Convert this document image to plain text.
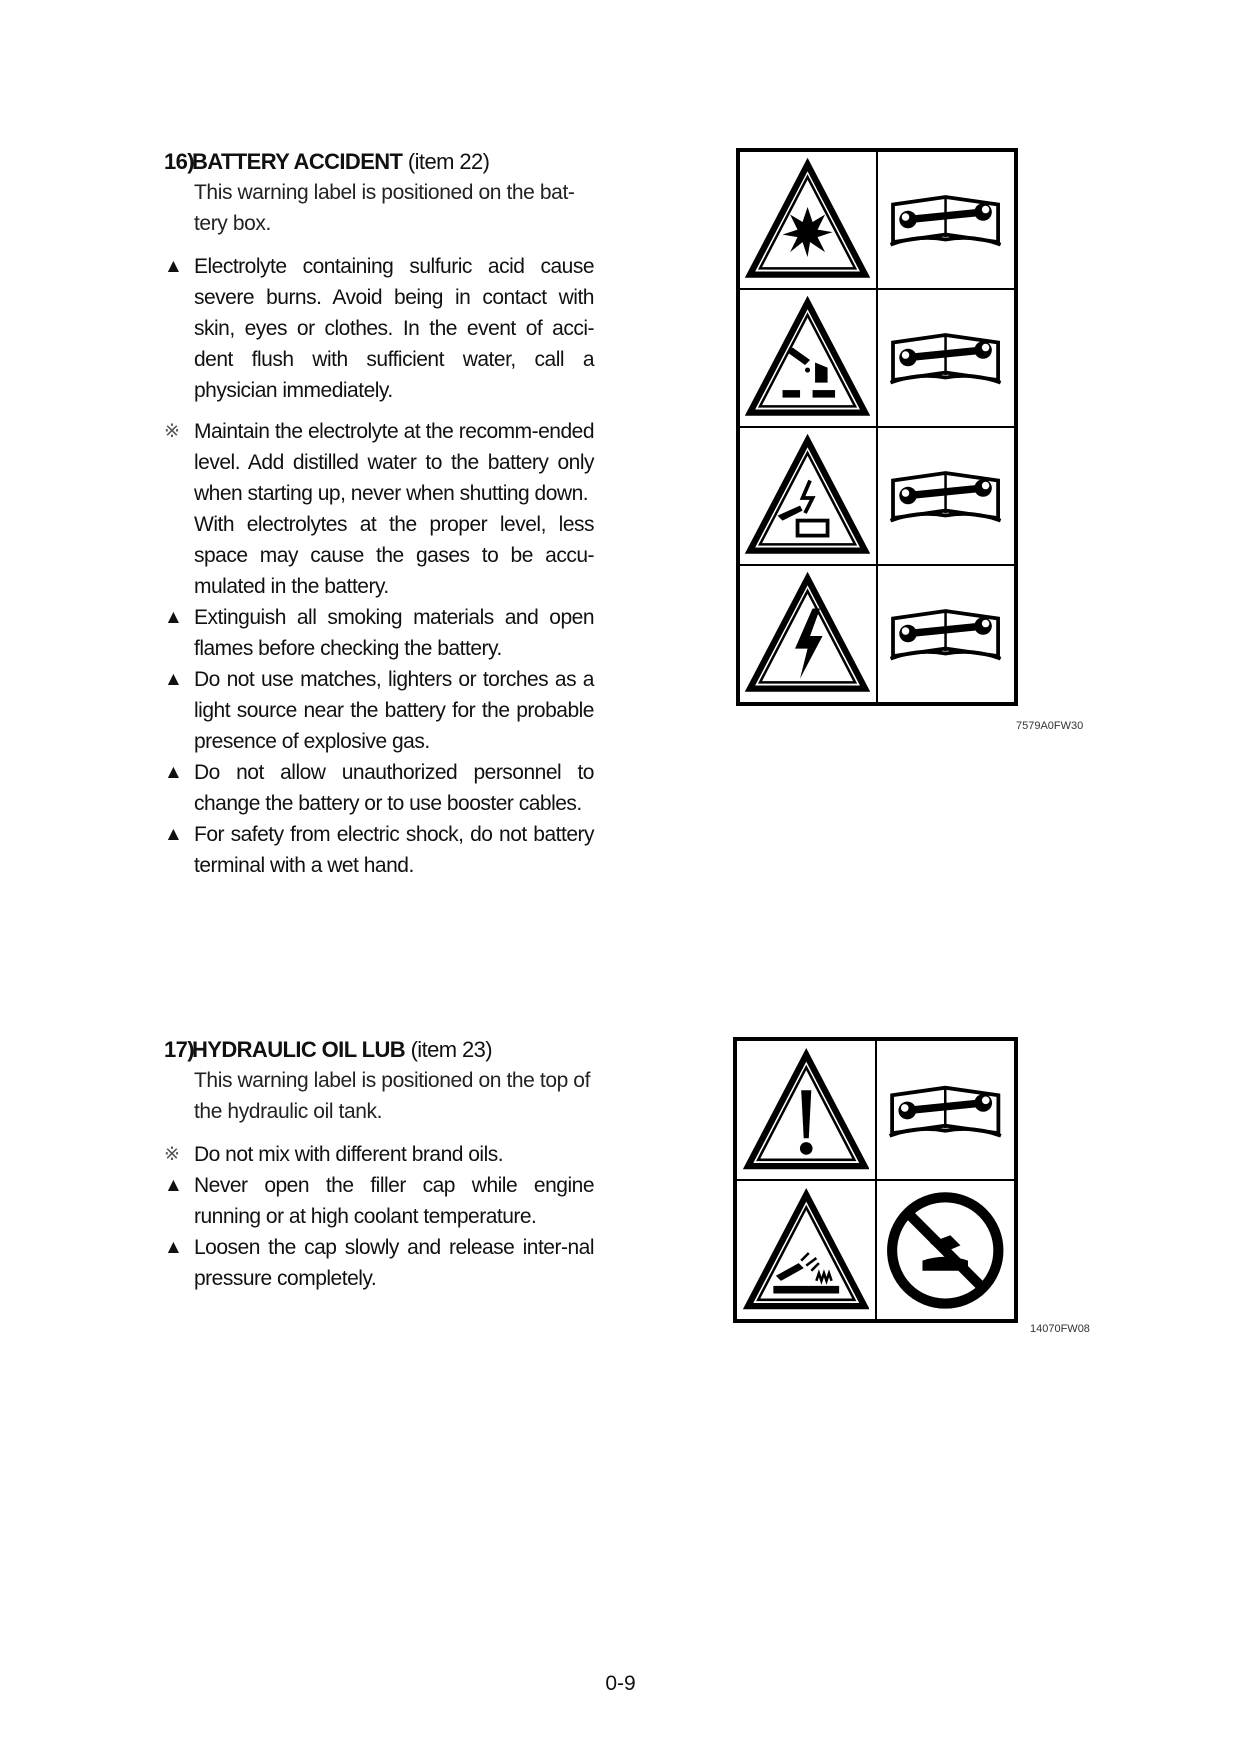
16)BATTERY ACCIDENT (item 22)

This warning label is positioned on the bat-tery box.

▲ Electrolyte containing sulfuric acid cause severe burns. Avoid being in contact with skin, eyes or clothes. In the event of acci-dent flush with sufficient water, call a physician immediately.

※ Maintain the electrolyte at the recomm-ended level. Add distilled water to the battery only when starting up, never when shutting down.
With electrolytes at the proper level, less space may cause the gases to be accu-mulated in the battery.

▲ Extinguish all smoking materials and open flames before checking the battery.

▲ Do not use matches, lighters or torches as a light source near the battery for the probable presence of explosive gas.

▲ Do not allow unauthorized personnel to change the battery or to use booster cables.

▲ For safety from electric shock, do not battery terminal with a wet hand.

7579A0FW30
17)HYDRAULIC OIL LUB (item 23)

This warning label is positioned on the top of the hydraulic oil tank.

※ Do not mix with different brand oils.

▲ Never open the filler cap while engine running or at high coolant temperature.

▲ Loosen the cap slowly and release inter-nal pressure completely.

14070FW08
0-9
